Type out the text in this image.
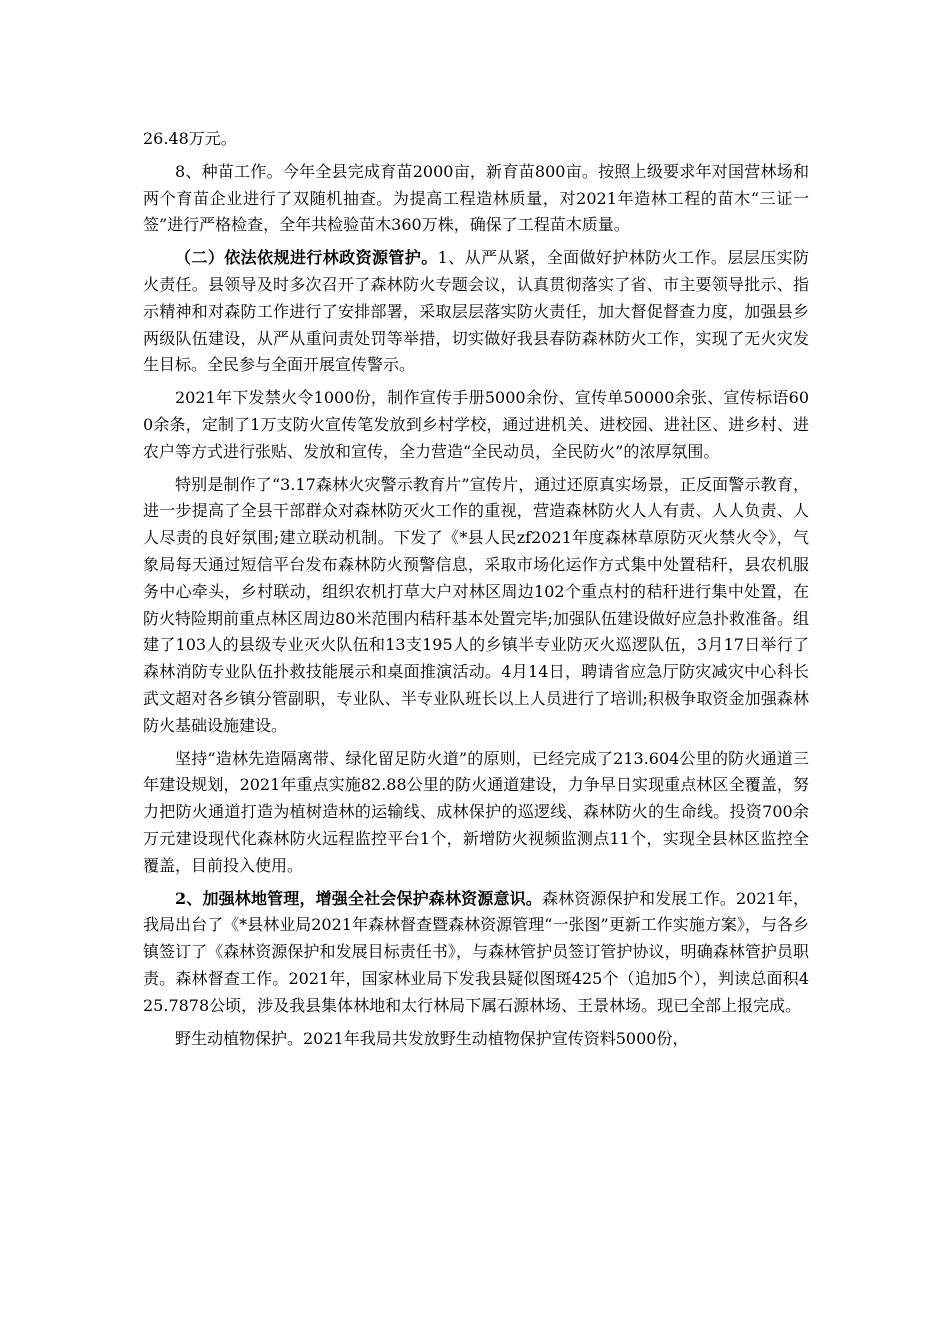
26.48万元。

8、种苗工作。今年全县完成育苗2000亩，新育苗800亩。按照上级要求年对国营林场和两个育苗企业进行了双随机抽查。为提高工程造林质量，对2021年造林工程的苗木“三证一签”进行严格检查，全年共检验苗木360万株，确保了工程苗木质量。

（二）依法依规进行林政资源管护。1、从严从紧，全面做好护林防火工作。层层压实防火责任。县领导及时多次召开了森林防火专题会议，认真贯彻落实了省、市主要领导批示、指示精神和对森防工作进行了安排部署，采取层层落实防火责任，加大督促督查力度，加强县乡两级队伍建设，从严从重问责处罚等举措，切实做好我县春防森林防火工作，实现了无火灾发生目标。全民参与全面开展宣传警示。

2021年下发禁火令1000份，制作宣传手册5000余份、宣传单50000余张、宣传标语600余条，定制了1万支防火宣传笔发放到乡村学校，通过进机关、进校园、进社区、进乡村、进农户等方式进行张贴、发放和宣传，全力营造“全民动员，全民防火”的浓厚氛围。

特别是制作了“3.17森林火灾警示教育片”宣传片，通过还原真实场景，正反面警示教育，进一步提高了全县干部群众对森林防灭火工作的重视，营造森林防火人人有责、人人负责、人人尽责的良好氛围;建立联动机制。下发了《*县人民zf2021年度森林草原防灭火禁火令》，气象局每天通过短信平台发布森林防火预警信息，采取市场化运作方式集中处置秸秆，县农机服务中心牵头，乡村联动，组织农机打草大户对林区周边102个重点村的秸秆进行集中处置，在防火特险期前重点林区周边80米范围内秸秆基本处置完毕;加强队伍建设做好应急扑救准备。组建了103人的县级专业灭火队伍和13支195人的乡镇半专业防灭火巡逻队伍，3月17日举行了森林消防专业队伍扑救技能展示和桌面推演活动。4月14日，聘请省应急厅防灾减灾中心科长武文超对各乡镇分管副职，专业队、半专业队班长以上人员进行了培训;积极争取资金加强森林防火基础设施建设。

坚持“造林先造隔离带、绿化留足防火道”的原则，已经完成了213.604公里的防火通道三年建设规划，2021年重点实施82.88公里的防火通道建设，力争早日实现重点林区全覆盖，努力把防火通道打造为植树造林的运输线、成林保护的巡逻线、森林防火的生命线。投资700余万元建设现代化森林防火远程监控平台1个，新增防火视频监测点11个，实现全县林区监控全覆盖，目前投入使用。

2、加强林地管理，增强全社会保护森林资源意识。森林资源保护和发展工作。2021年，我局出台了《*县林业局2021年森林督查暨森林资源管理“一张图”更新工作实施方案》，与各乡镇签订了《森林资源保护和发展目标责任书》，与森林管护员签订管护协议，明确森林管护员职责。森林督查工作。2021年，国家林业局下发我县疑似图斑425个（追加5个），判读总面积425.7878公顷，涉及我县集体林地和太行林局下属石源林场、王景林场。现已全部上报完成。

野生动植物保护。2021年我局共发放野生动植物保护宣传资料5000份，
